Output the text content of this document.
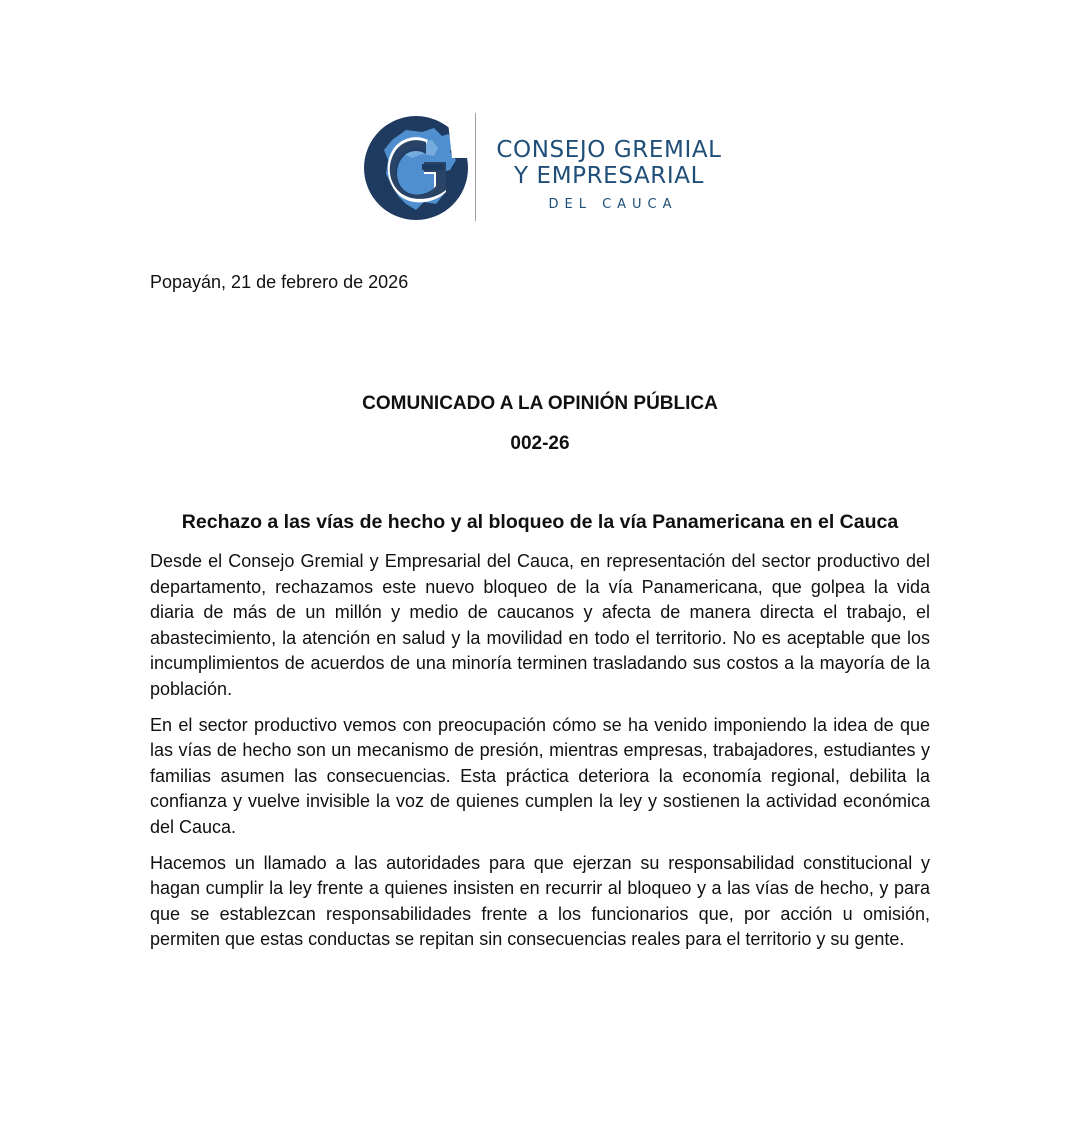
CONSEJO GREMIAL
Y EMPRESARIAL
DEL CAUCA
Popayán, 21 de febrero de 2026
COMUNICADO A LA OPINIÓN PÚBLICA
002-26
Rechazo a las vías de hecho y al bloqueo de la vía Panamericana en el Cauca

Desde el Consejo Gremial y Empresarial del Cauca, en representación del sector productivo del departamento, rechazamos este nuevo bloqueo de la vía Panamericana, que golpea la vida diaria de más de un millón y medio de caucanos y afecta de manera directa el trabajo, el abastecimiento, la atención en salud y la movilidad en todo el territorio. No es aceptable que los incumplimientos de acuerdos de una minoría terminen trasladando sus costos a la mayoría de la población.

En el sector productivo vemos con preocupación cómo se ha venido imponiendo la idea de que las vías de hecho son un mecanismo de presión, mientras empresas, trabajadores, estudiantes y familias asumen las consecuencias. Esta práctica deteriora la economía regional, debilita la confianza y vuelve invisible la voz de quienes cumplen la ley y sostienen la actividad económica del Cauca.

Hacemos un llamado a las autoridades para que ejerzan su responsabilidad constitucional y hagan cumplir la ley frente a quienes insisten en recurrir al bloqueo y a las vías de hecho, y para que se establezcan responsabilidades frente a los funcionarios que, por acción u omisión, permiten que estas conductas se repitan sin consecuencias reales para el territorio y su gente.
